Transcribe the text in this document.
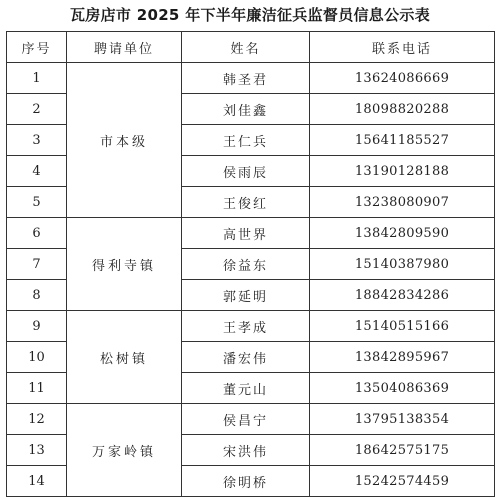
瓦房店市 2025 年下半年廉洁征兵监督员信息公示表
序号	聘请单位	姓名	联系电话
1	市本级	韩圣君	13624086669
2		刘佳鑫	18098820288
3		王仁兵	15641185527
4		侯雨辰	13190128188
5		王俊红	13238080907
6	得利寺镇	高世界	13842809590
7		徐益东	15140387980
8		郭延明	18842834286
9	松树镇	王孝成	15140515166
10		潘宏伟	13842895967
11		董元山	13504086369
12	万家岭镇	侯昌宁	13795138354
13		宋洪伟	18642575175
14		徐明桥	15242574459
